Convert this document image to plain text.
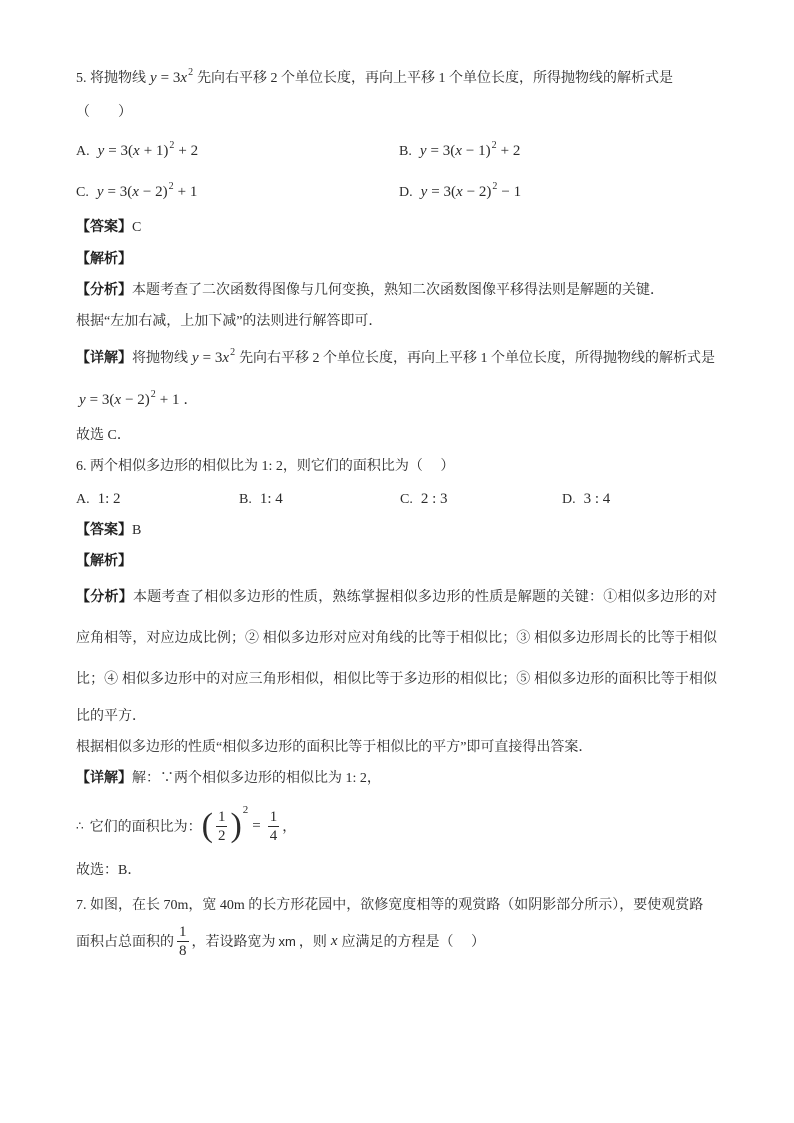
5. 将抛物线 $y = 3x^2$ 先向右平移 2 个单位长度，再向上平移 1 个单位长度，所得抛物线的解析式是
（　　）
A. $y = 3(x + 1)^2 + 2$	B. $y = 3(x - 1)^2 + 2$
C. $y = 3(x - 2)^2 + 1$	D. $y = 3(x - 2)^2 - 1$
【答案】C
【解析】
【分析】本题考查了二次函数得图像与几何变换，熟知二次函数图像平移得法则是解题的关键．
根据“左加右减，上加下减”的法则进行解答即可．
【详解】将抛物线 $y = 3x^2$ 先向右平移 2 个单位长度，再向上平移 1 个单位长度，所得抛物线的解析式是
$y = 3(x - 2)^2 + 1$ ．
故选 C．
6. 两个相似多边形的相似比为 1: 2，则它们的面积比为（　 ）
A. 1: 2	B. 1: 4	C. 2 : 3	D. 3 : 4
【答案】B
【解析】
【分析】本题考查了相似多边形的性质，熟练掌握相似多边形的性质是解题的关键：①相似多边形的对
应角相等，对应边成比例；② 相似多边形对应对角线的比等于相似比；③ 相似多边形周长的比等于相似
比；④ 相似多边形中的对应三角形相似，相似比等于多边形的相似比；⑤ 相似多边形的面积比等于相似
比的平方．
根据相似多边形的性质“相似多边形的面积比等于相似比的平方”即可直接得出答案．
【详解】解：∵两个相似多边形的相似比为 1: 2，
∴ 它们的面积比为： ( $\frac{1}{2}$ ) 2
= $\frac{1}{4}$ ，
故选：B．
7. 如图，在长 70m，宽 40m 的长方形花园中，欲修宽度相等的观赏路（如阴影部分所示），要使观赏路
面积占总面积的 $\frac{1}{8}$ ，若设路宽为 xm ，则 x 应满足的方程是（　 ）
